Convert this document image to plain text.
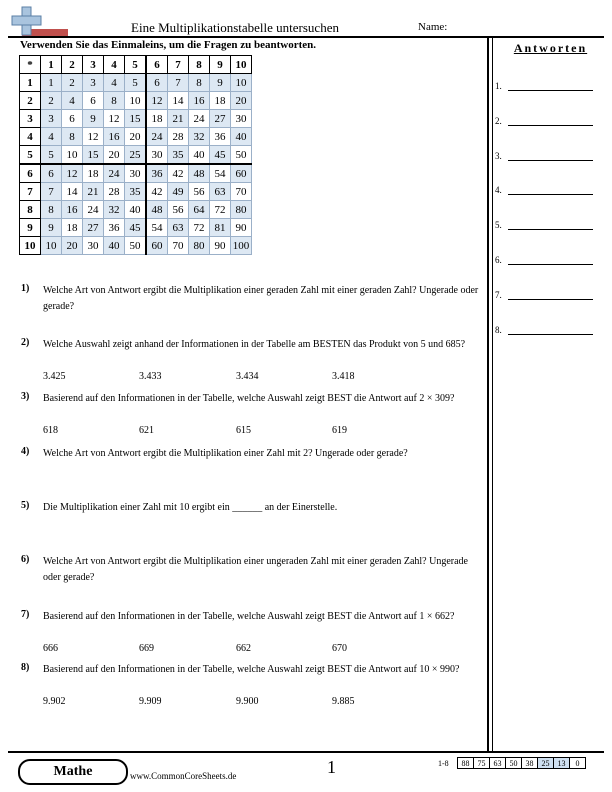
Eine Multiplikationstabelle untersuchen	Name:
Verwenden Sie das Einmaleins, um die Fragen zu beantworten.
*	1	2	3	4	5	6	7	8	9	10
1	1	2	3	4	5	6	7	8	9	10
2	2	4	6	8	10	12	14	16	18	20
3	3	6	9	12	15	18	21	24	27	30
4	4	8	12	16	20	24	28	32	36	40
5	5	10	15	20	25	30	35	40	45	50
6	6	12	18	24	30	36	42	48	54	60
7	7	14	21	28	35	42	49	56	63	70
8	8	16	24	32	40	48	56	64	72	80
9	9	18	27	36	45	54	63	72	81	90
10	10	20	30	40	50	60	70	80	90	100
1) Welche Art von Antwort ergibt die Multiplikation einer geraden Zahl mit einer geraden Zahl? Ungerade oder gerade?
2) Welche Auswahl zeigt anhand der Informationen in der Tabelle am BESTEN das Produkt von 5 und 685?
3.425	3.433	3.434	3.418
3) Basierend auf den Informationen in der Tabelle, welche Auswahl zeigt BEST die Antwort auf 2 × 309?
618	621	615	619
4) Welche Art von Antwort ergibt die Multiplikation einer Zahl mit 2? Ungerade oder gerade?
5) Die Multiplikation einer Zahl mit 10 ergibt ein ______ an der Einerstelle.
6) Welche Art von Antwort ergibt die Multiplikation einer ungeraden Zahl mit einer geraden Zahl? Ungerade oder gerade?
7) Basierend auf den Informationen in der Tabelle, welche Auswahl zeigt BEST die Antwort auf 1 × 662?
666	669	662	670
8) Basierend auf den Informationen in der Tabelle, welche Auswahl zeigt BEST die Antwort auf 10 × 990?
9.902	9.909	9.900	9.885
Antworten
1.
2.
3.
4.
5.
6.
7.
8.
Mathe	www.CommonCoreSheets.de	1	1-8 88	75	63	50	38	25	13	0
